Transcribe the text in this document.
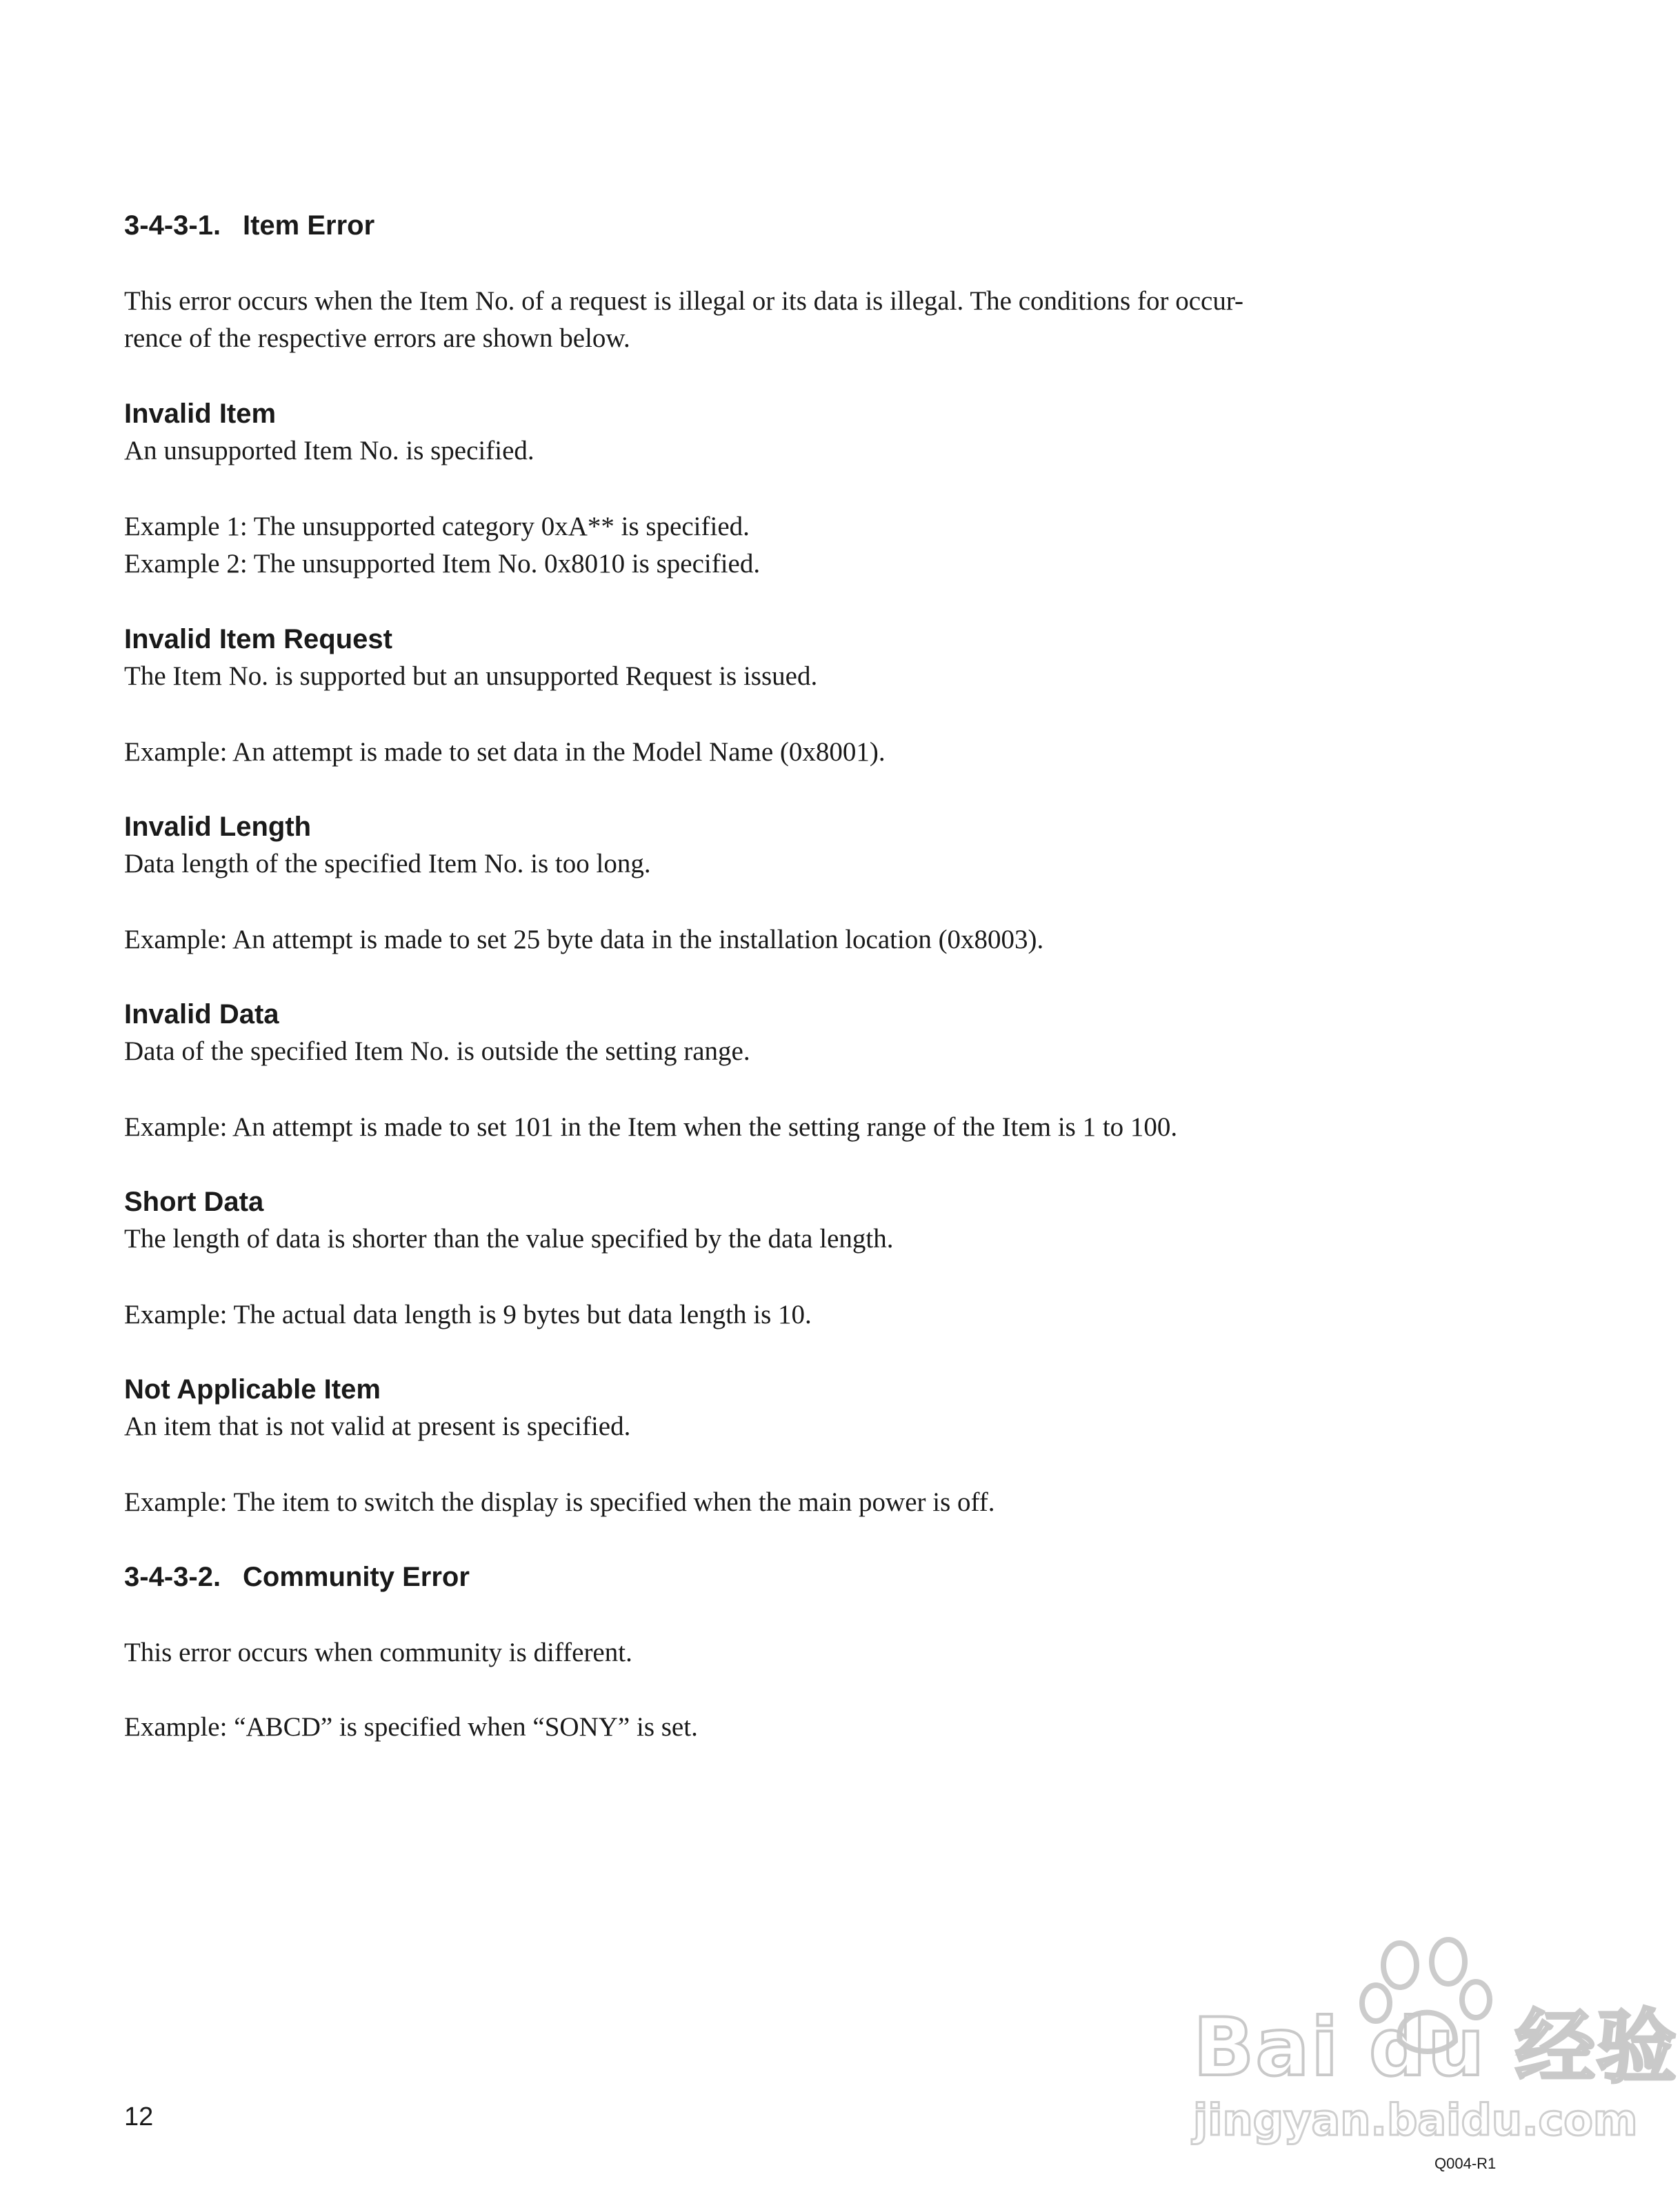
3-4-3-1. Item Error
This error occurs when the Item No. of a request is illegal or its data is illegal. The conditions for occur-
rence of the respective errors are shown below.
Invalid Item
An unsupported Item No. is specified.
Example 1: The unsupported category 0xA** is specified.
Example 2: The unsupported Item No. 0x8010 is specified.
Invalid Item Request
The Item No. is supported but an unsupported Request is issued.
Example: An attempt is made to set data in the Model Name (0x8001).
Invalid Length
Data length of the specified Item No. is too long.
Example: An attempt is made to set 25 byte data in the installation location (0x8003).
Invalid Data
Data of the specified Item No. is outside the setting range.
Example: An attempt is made to set 101 in the Item when the setting range of the Item is 1 to 100.
Short Data
The length of data is shorter than the value specified by the data length.
Example: The actual data length is 9 bytes but data length is 10.
Not Applicable Item
An item that is not valid at present is specified.
Example: The item to switch the display is specified when the main power is off.
3-4-3-2. Community Error
This error occurs when community is different.
Example: “ABCD” is specified when “SONY” is set.
Bai du 经验
jingyan.baidu.com
12
Q004-R1
